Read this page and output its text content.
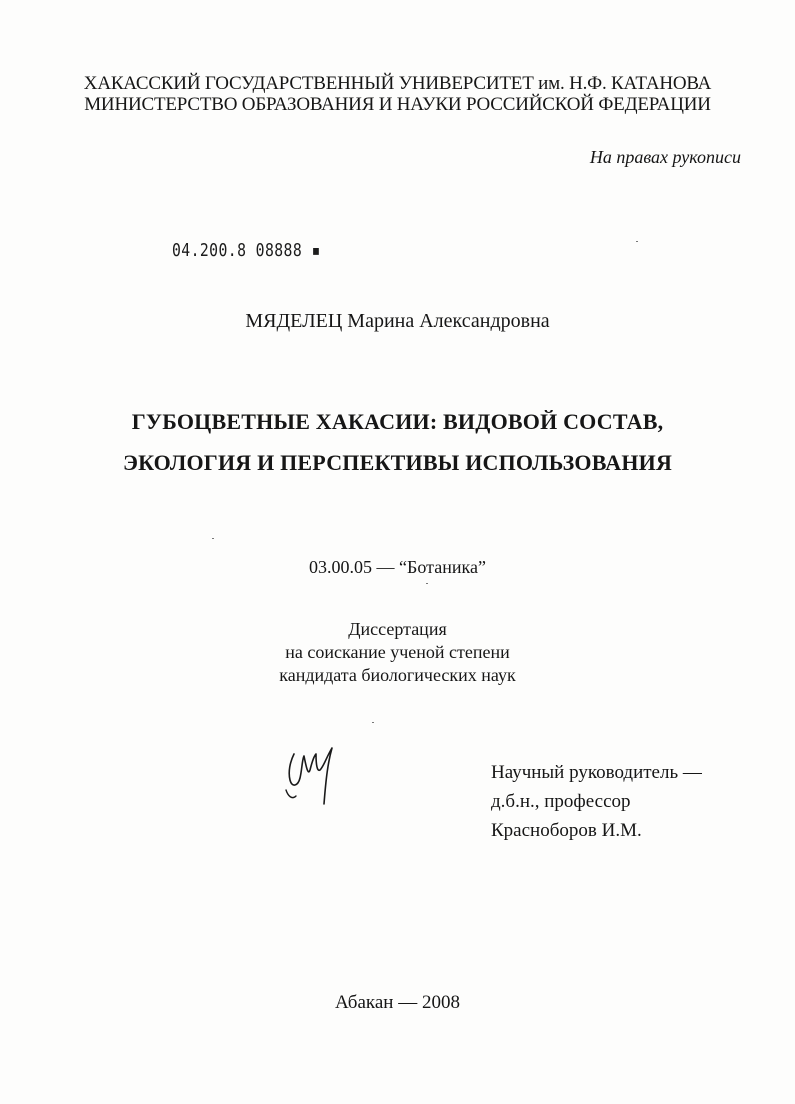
ХАКАССКИЙ ГОСУДАРСТВЕННЫЙ УНИВЕРСИТЕТ им. Н.Ф. КАТАНОВА
МИНИСТЕРСТВО ОБРАЗОВАНИЯ И НАУКИ РОССИЙСКОЙ ФЕДЕРАЦИИ
На правах рукописи
04.200.8 08888 ▪
МЯДЕЛЕЦ Марина Александровна
ГУБОЦВЕТНЫЕ ХАКАСИИ: ВИДОВОЙ СОСТАВ,
ЭКОЛОГИЯ И ПЕРСПЕКТИВЫ ИСПОЛЬЗОВАНИЯ
03.00.05 — “Ботаника”
Диссертация
на соискание ученой степени
кандидата биологических наук
Научный руководитель —
д.б.н., профессор
Красноборов И.М.
Абакан — 2008
